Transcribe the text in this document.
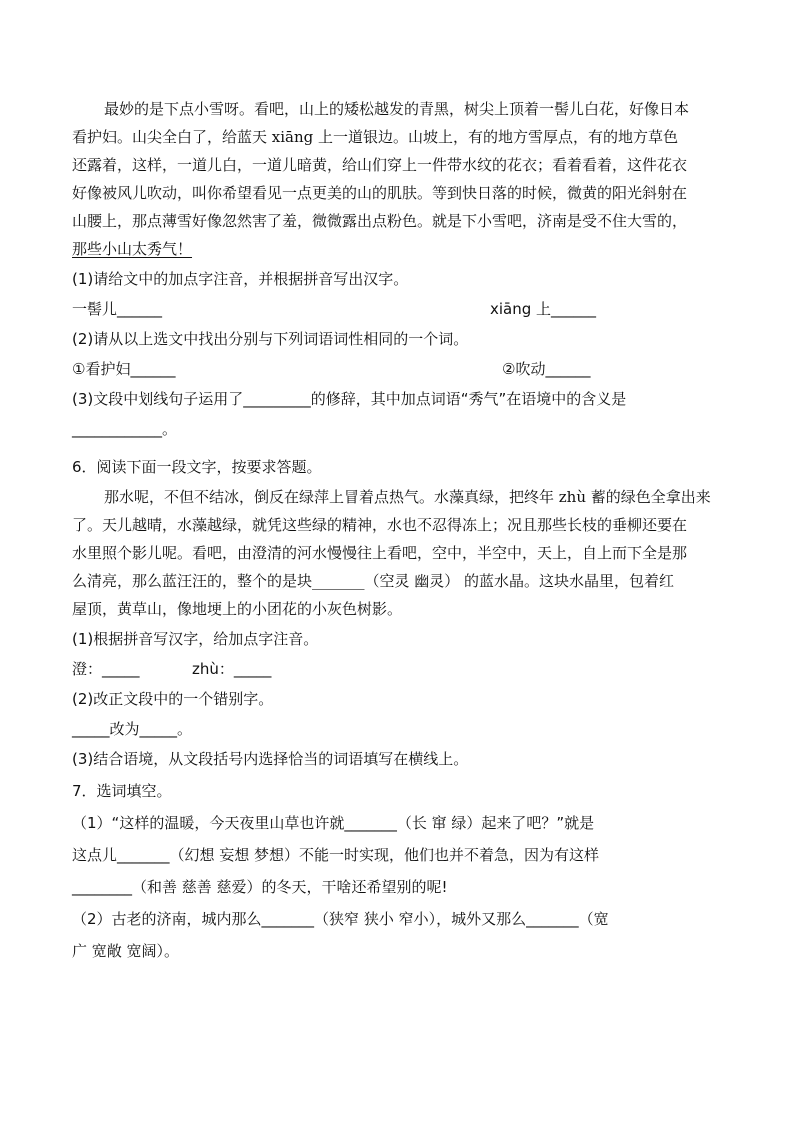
最妙的是下点小雪呀。看吧，山上的矮松越发的青黑，树尖上顶着一髻儿白花，好像日本
看护妇。山尖全白了，给蓝天 xiāng 上一道银边。山坡上，有的地方雪厚点，有的地方草色
还露着，这样，一道儿白，一道儿暗黄，给山们穿上一件带水纹的花衣；看着看着，这件花衣
好像被风儿吹动，叫你希望看见一点更美的山的肌肤。等到快日落的时候，微黄的阳光斜射在
山腰上，那点薄雪好像忽然害了羞，微微露出点粉色。就是下小雪吧，济南是受不住大雪的，
那些小山太秀气！
(1)请给文中的加点字注音，并根据拼音写出汉字。
一髻儿______	xiāng 上______
(2)请从以上选文中找出分别与下列词语词性相同的一个词。
①看护妇______	②吹动______
(3)文段中划线句子运用了_________的修辞，其中加点词语“秀气”在语境中的含义是
____________。
6．阅读下面一段文字，按要求答题。
那水呢，不但不结冰，倒反在绿萍上冒着点热气。水藻真绿，把终年 zhù 蓄的绿色全拿出来
了。天儿越晴，水藻越绿，就凭这些绿的精神，水也不忍得冻上；况且那些长枝的垂柳还要在
水里照个影儿呢。看吧，由澄清的河水慢慢往上看吧，空中，半空中，天上，自上而下全是那
么清亮，那么蓝汪汪的，整个的是块_______（空灵 幽灵） 的蓝水晶。这块水晶里，包着红
屋顶，黄草山，像地埂上的小团花的小灰色树影。
(1)根据拼音写汉字，给加点字注音。
澄：_____	zhù：_____
(2)改正文段中的一个错别字。
_____改为_____。
(3)结合语境，从文段括号内选择恰当的词语填写在横线上。
7．选词填空。
（1）“这样的温暖，今天夜里山草也许就_______（长 窜 绿）起来了吧？”就是
这点儿_______（幻想 妄想 梦想）不能一时实现，他们也并不着急，因为有这样
________（和善 慈善 慈爱）的冬天，干啥还希望别的呢!
（2）古老的济南，城内那么_______（狭窄 狭小 窄小），城外又那么_______（宽
广 宽敞 宽阔）。
